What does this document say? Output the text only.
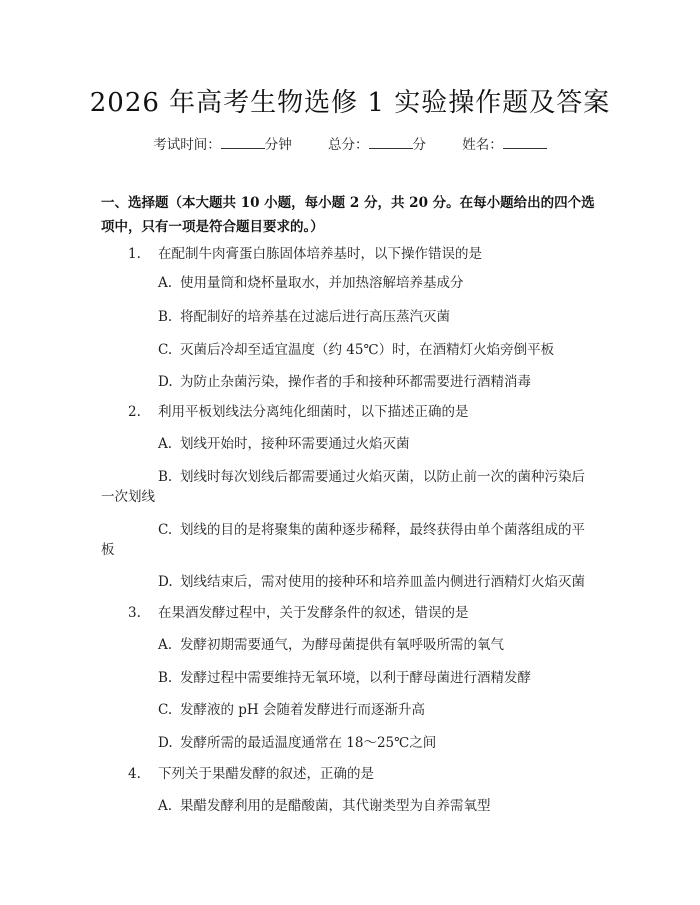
2026 年高考生物选修 1 实验操作题及答案
考试时间：	分钟	总分：	分	姓名：
一、选择题（本大题共 10 小题，每小题 2 分，共 20 分。在每小题给出的四个选项中，只有一项是符合题目要求的。）
1. 在配制牛肉膏蛋白胨固体培养基时，以下操作错误的是
A. 使用量筒和烧杯量取水，并加热溶解培养基成分
B. 将配制好的培养基在过滤后进行高压蒸汽灭菌
C. 灭菌后冷却至适宜温度（约 45℃）时，在酒精灯火焰旁倒平板
D. 为防止杂菌污染，操作者的手和接种环都需要进行酒精消毒
2. 利用平板划线法分离纯化细菌时，以下描述正确的是
A. 划线开始时，接种环需要通过火焰灭菌
B. 划线时每次划线后都需要通过火焰灭菌，以防止前一次的菌种污染后
一次划线
C. 划线的目的是将聚集的菌种逐步稀释，最终获得由单个菌落组成的平
板
D. 划线结束后，需对使用的接种环和培养皿盖内侧进行酒精灯火焰灭菌
3. 在果酒发酵过程中，关于发酵条件的叙述，错误的是
A. 发酵初期需要通气，为酵母菌提供有氧呼吸所需的氧气
B. 发酵过程中需要维持无氧环境，以利于酵母菌进行酒精发酵
C. 发酵液的 pH 会随着发酵进行而逐渐升高
D. 发酵所需的最适温度通常在 18～25℃之间
4. 下列关于果醋发酵的叙述，正确的是
A. 果醋发酵利用的是醋酸菌，其代谢类型为自养需氧型
